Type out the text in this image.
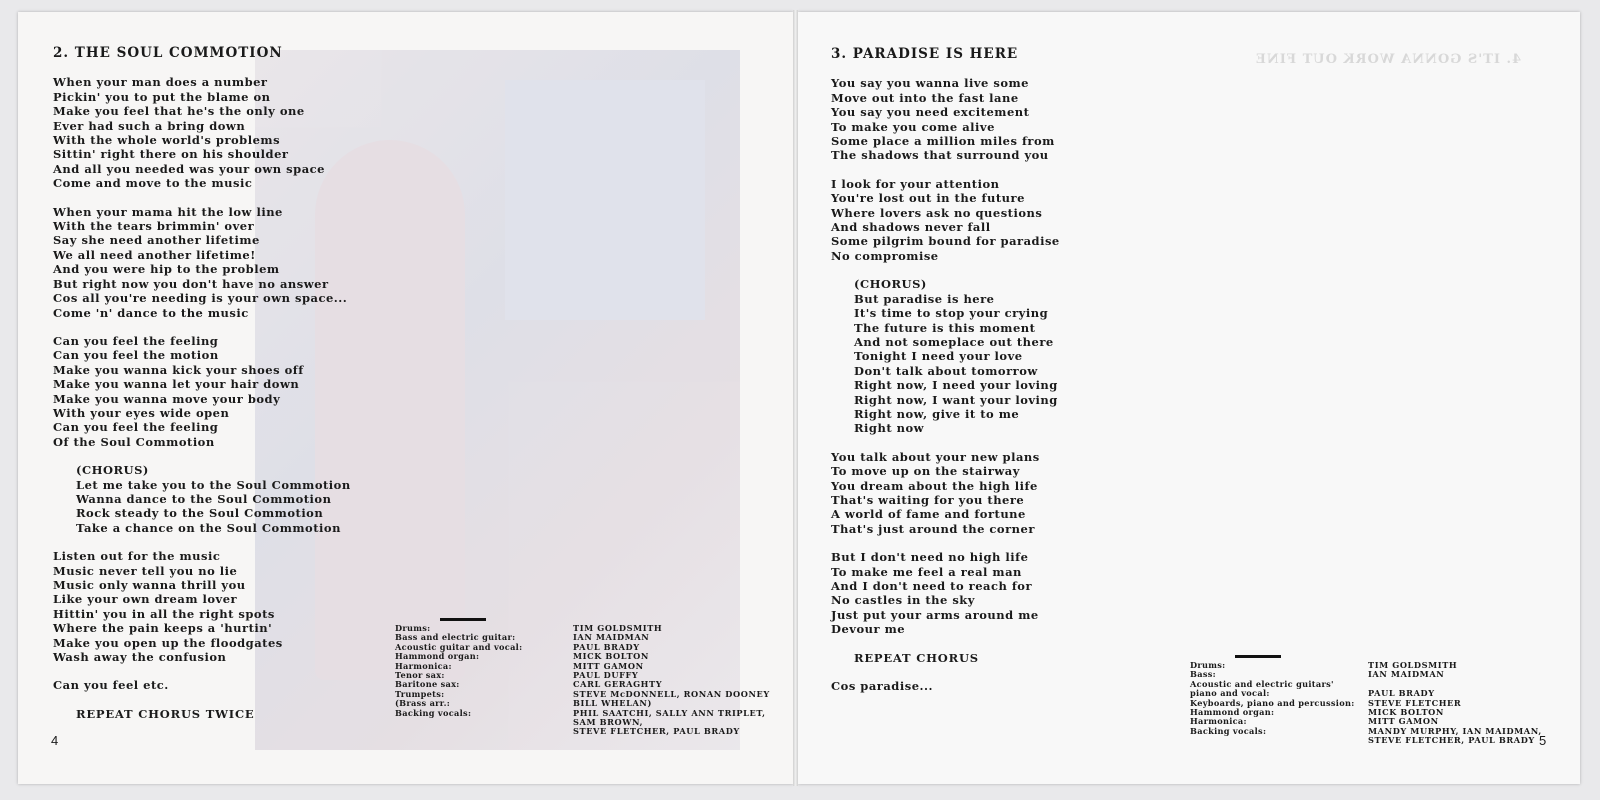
4. IT'S GONNA WORK OUT FINE
2. THE SOUL COMMOTION
When your man does a number
Pickin' you to put the blame on
Make you feel that he's the only one
Ever had such a bring down
With the whole world's problems
Sittin' right there on his shoulder
And all you needed was your own space
Come and move to the music
When your mama hit the low line
With the tears brimmin' over
Say she need another lifetime
We all need another lifetime!
And you were hip to the problem
But right now you don't have no answer
Cos all you're needing is your own space...
Come 'n' dance to the music
Can you feel the feeling
Can you feel the motion
Make you wanna kick your shoes off
Make you wanna let your hair down
Make you wanna move your body
With your eyes wide open
Can you feel the feeling
Of the Soul Commotion
(CHORUS)
Let me take you to the Soul Commotion
Wanna dance to the Soul Commotion
Rock steady to the Soul Commotion
Take a chance on the Soul Commotion
Listen out for the music
Music never tell you no lie
Music only wanna thrill you
Like your own dream lover
Hittin' you in all the right spots
Where the pain keeps a 'hurtin'
Make you open up the floodgates
Wash away the confusion
Can you feel etc.
REPEAT CHORUS TWICE
Drums:
Bass and electric guitar:
Acoustic guitar and vocal:
Hammond organ:
Harmonica:
Tenor sax:
Baritone sax:
Trumpets:
(Brass arr.:
Backing vocals:

TIM GOLDSMITH
IAN MAIDMAN
PAUL BRADY
MICK BOLTON
MITT GAMON
PAUL DUFFY
CARL GERAGHTY
STEVE McDONNELL, RONAN DOONEY
BILL WHELAN)
PHIL SAATCHI, SALLY ANN TRIPLET,
SAM BROWN,
STEVE FLETCHER, PAUL BRADY
4
3. PARADISE IS HERE
You say you wanna live some
Move out into the fast lane
You say you need excitement
To make you come alive
Some place a million miles from
The shadows that surround you
I look for your attention
You're lost out in the future
Where lovers ask no questions
And shadows never fall
Some pilgrim bound for paradise
No compromise
(CHORUS)
But paradise is here
It's time to stop your crying
The future is this moment
And not someplace out there
Tonight I need your love
Don't talk about tomorrow
Right now, I need your loving
Right now, I want your loving
Right now, give it to me
Right now
You talk about your new plans
To move up on the stairway
You dream about the high life
That's waiting for you there
A world of fame and fortune
That's just around the corner
But I don't need no high life
To make me feel a real man
And I don't need to reach for
No castles in the sky
Just put your arms around me
Devour me
REPEAT CHORUS
Cos paradise...
Drums:
Bass:
Acoustic and electric guitars'
piano and vocal:
Keyboards, piano and percussion:
Hammond organ:
Harmonica:
Backing vocals:
TIM GOLDSMITH
IAN MAIDMAN

PAUL BRADY
STEVE FLETCHER
MICK BOLTON
MITT GAMON
MANDY MURPHY, IAN MAIDMAN,
STEVE FLETCHER, PAUL BRADY 5
